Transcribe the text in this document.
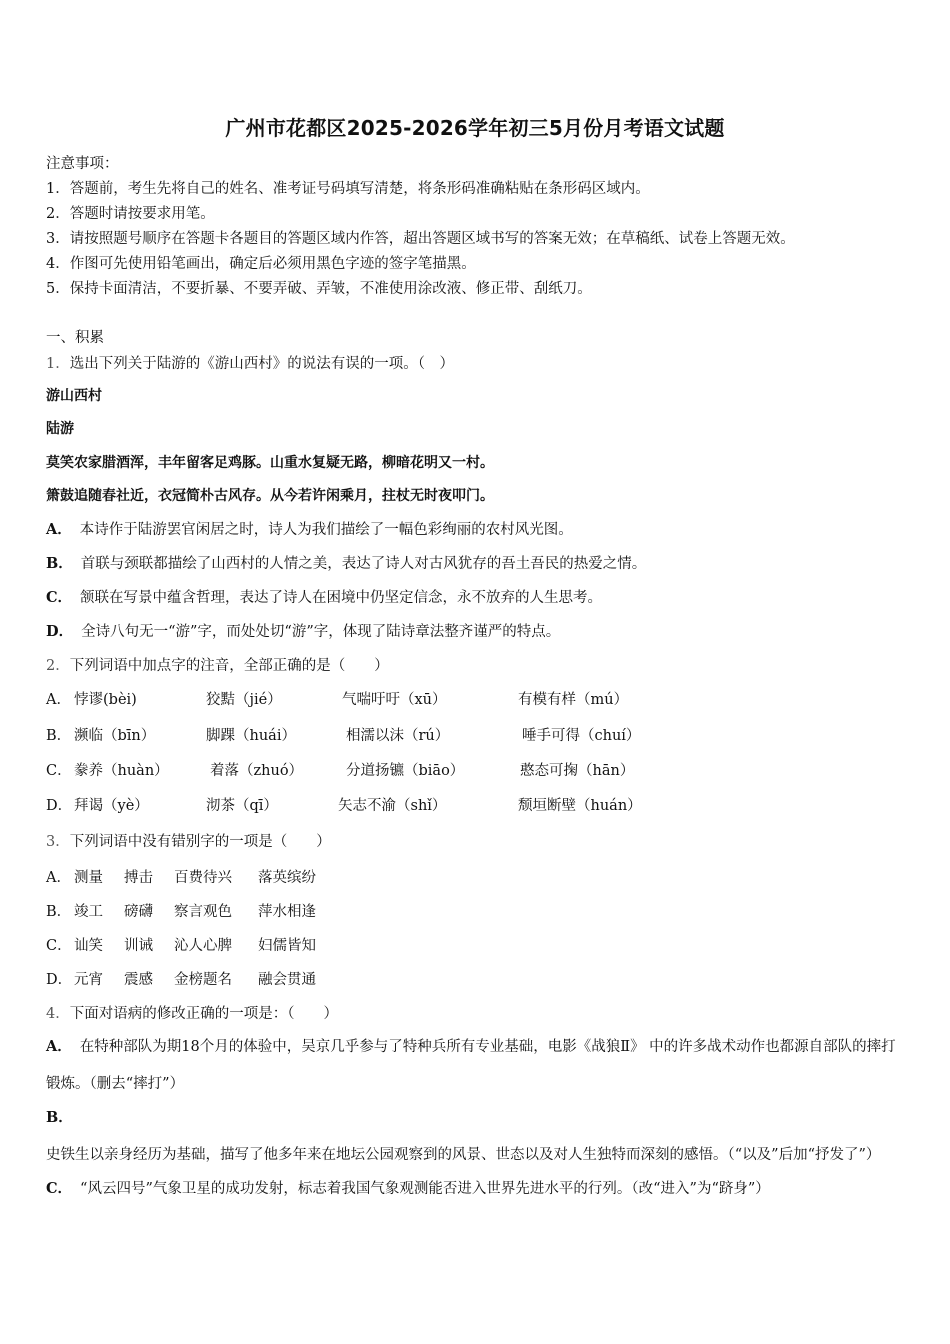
广州市花都区2025-2026学年初三5月份月考语文试题
注意事项：
1．答题前，考生先将自己的姓名、准考证号码填写清楚，将条形码准确粘贴在条形码区域内。
2．答题时请按要求用笔。
3．请按照题号顺序在答题卡各题目的答题区域内作答，超出答题区域书写的答案无效；在草稿纸、试卷上答题无效。
4．作图可先使用铅笔画出，确定后必须用黑色字迹的签字笔描黑。
5．保持卡面清洁，不要折暴、不要弄破、弄皱，不准使用涂改液、修正带、刮纸刀。
一、积累
1．选出下列关于陆游的《游山西村》的说法有误的一项。（　）
游山西村
陆游
莫笑农家腊酒浑，丰年留客足鸡豚。山重水复疑无路，柳暗花明又一村。
箫鼓追随春社近，衣冠简朴古风存。从今若许闲乘月，拄杖无时夜叩门。
A． 本诗作于陆游罢官闲居之时，诗人为我们描绘了一幅色彩绚丽的农村风光图。
B． 首联与颈联都描绘了山西村的人情之美，表达了诗人对古风犹存的吾土吾民的热爱之情。
C． 颔联在写景中蕴含哲理，表达了诗人在困境中仍坚定信念，永不放弃的人生思考。
D． 全诗八句无一“游”字，而处处切“游”字，体现了陆诗章法整齐谨严的特点。
2．下列词语中加点字的注音，全部正确的是（　　）
A． 悖谬(bèi)	狡黠（jié）	气喘吁吁（xū）	有模有样（mú）
B． 濒临（bīn）	脚踝（huái）	相濡以沫（rú）	唾手可得（chuí）
C． 豢养（huàn）	着落（zhuó）	分道扬镳（biāo）	憨态可掬（hān）
D． 拜谒（yè）	沏茶（qī）	矢志不渝（shǐ）	颓垣断壁（huán）
3．下列词语中没有错别字的一项是（　　）
A． 测量 搏击 百费待兴 落英缤纷
B． 竣工 磅礴 察言观色 萍水相逢
C． 讪笑 训诫 沁人心脾 妇儒皆知
D． 元宵 震感 金榜题名 融会贯通
4．下面对语病的修改正确的一项是：（　　）
A． 在特种部队为期18个月的体验中，吴京几乎参与了特种兵所有专业基础，电影《战狼Ⅱ》 中的许多战术动作也都源自部队的摔打锻炼。（删去“摔打”）
B．史铁生以亲身经历为基础，描写了他多年来在地坛公园观察到的风景、世态以及对人生独特而深刻的感悟。（“以及”后加“抒发了”）
C． “风云四号”气象卫星的成功发射，标志着我国气象观测能否进入世界先进水平的行列。（改“进入”为“跻身”）
